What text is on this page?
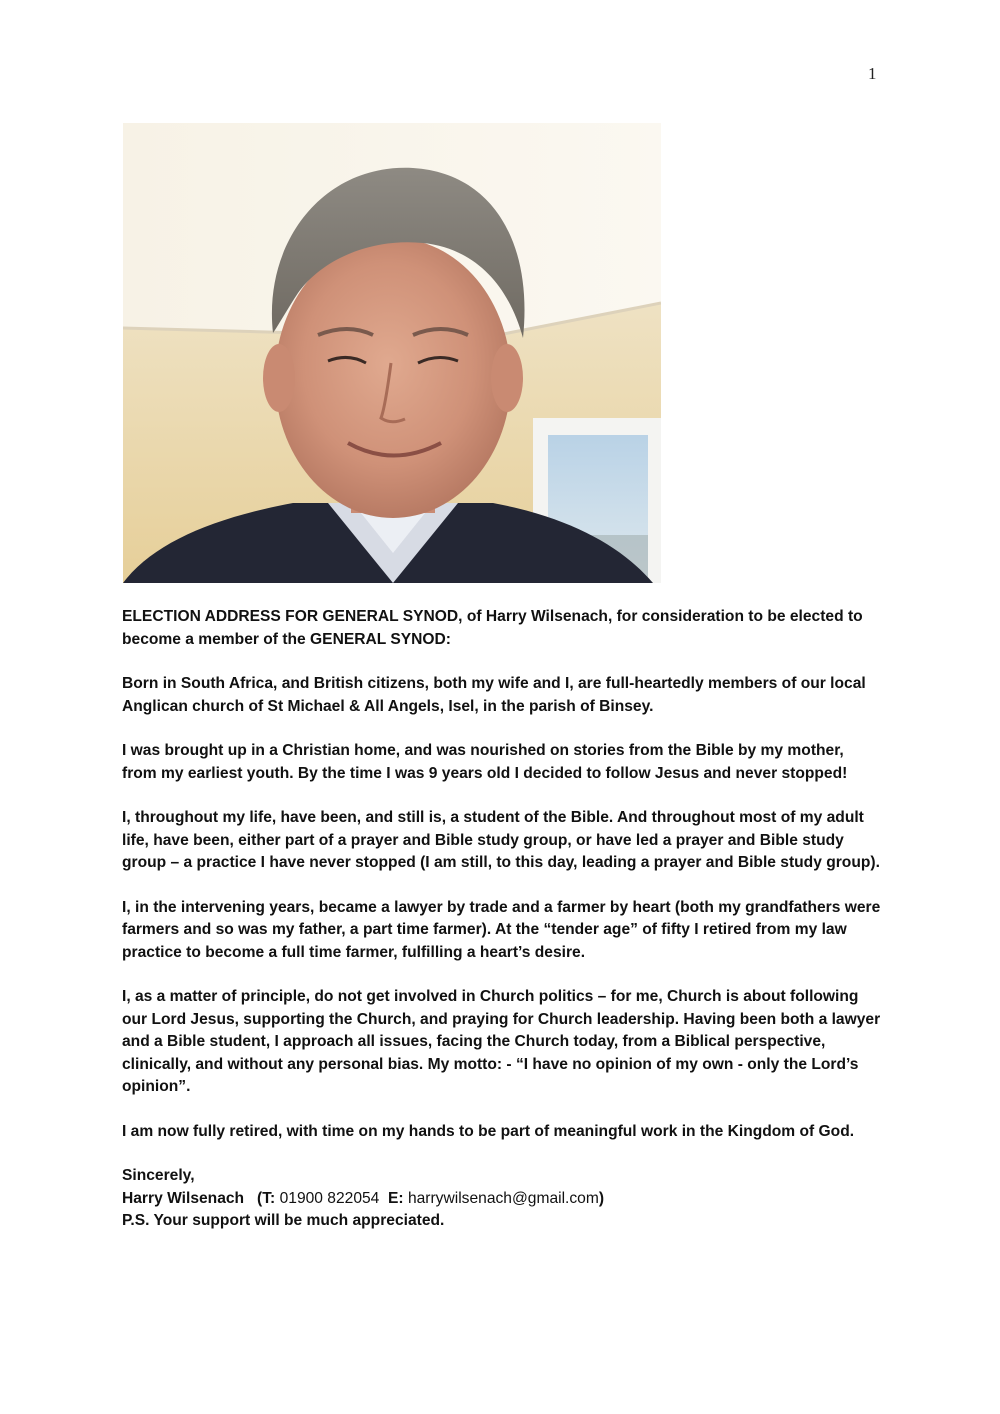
1

ELECTION ADDRESS FOR GENERAL SYNOD, of Harry Wilsenach, for consideration to be elected to become a member of the GENERAL SYNOD:

Born in South Africa, and British citizens, both my wife and I, are full-heartedly members of our local Anglican church of St Michael & All Angels, Isel, in the parish of Binsey.

I was brought up in a Christian home, and was nourished on stories from the Bible by my mother, from my earliest youth. By the time I was 9 years old I decided to follow Jesus and never stopped!

I, throughout my life, have been, and still is, a student of the Bible. And throughout most of my adult life, have been, either part of a prayer and Bible study group, or have led a prayer and Bible study group – a practice I have never stopped (I am still, to this day, leading a prayer and Bible study group).

I, in the intervening years, became a lawyer by trade and a farmer by heart (both my grandfathers were farmers and so was my father, a part time farmer). At the “tender age” of fifty I retired from my law practice to become a full time farmer, fulfilling a heart’s desire.

I, as a matter of principle, do not get involved in Church politics – for me, Church is about following our Lord Jesus, supporting the Church, and praying for Church leadership. Having been both a lawyer and a Bible student, I approach all issues, facing the Church today, from a Biblical perspective, clinically, and without any personal bias. My motto: - “I have no opinion of my own - only the Lord’s opinion”.

I am now fully retired, with time on my hands to be part of meaningful work in the Kingdom of God.

Sincerely,
Harry Wilsenach   (T: 01900 822054 E: harrywilsenach@gmail.com)
P.S. Your support will be much appreciated.
